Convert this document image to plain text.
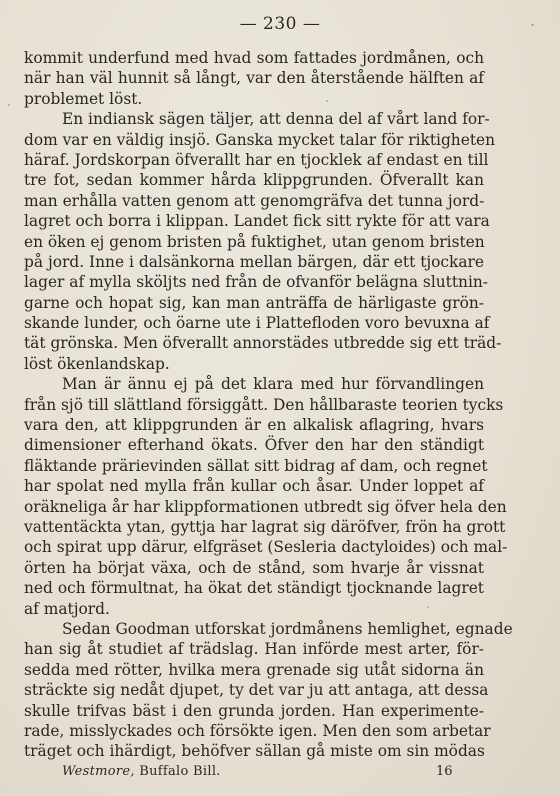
— 230 —
kommit underfund med hvad som fattades jordmånen, och
när han väl hunnit så långt, var den återstående hälften af
problemet löst.
En indiansk sägen täljer, att denna del af vårt land for-
dom var en väldig insjö. Ganska mycket talar för riktigheten
häraf. Jordskorpan öfverallt har en tjocklek af endast en till
tre fot, sedan kommer hårda klippgrunden. Öfverallt kan
man erhålla vatten genom att genomgräfva det tunna jord-
lagret och borra i klippan. Landet fick sitt rykte för att vara
en öken ej genom bristen på fuktighet, utan genom bristen
på jord. Inne i dalsänkorna mellan bärgen, där ett tjockare
lager af mylla sköljts ned från de ofvanför belägna sluttnin-
garne och hopat sig, kan man anträffa de härligaste grön-
skande lunder, och öarne ute i Plattefloden voro bevuxna af
tät grönska. Men öfverallt annorstädes utbredde sig ett träd-
löst ökenlandskap.
Man är ännu ej på det klara med hur förvandlingen
från sjö till slättland försiggått. Den hållbaraste teorien tycks
vara den, att klippgrunden är en alkalisk aflagring, hvars
dimensioner efterhand ökats. Öfver den har den ständigt
fläktande prärievinden sällat sitt bidrag af dam, och regnet
har spolat ned mylla från kullar och åsar. Under loppet af
oräkneliga år har klippformationen utbredt sig öfver hela den
vattentäckta ytan, gyttja har lagrat sig däröfver, frön ha grott
och spirat upp därur, elfgräset (Sesleria dactyloides) och mal-
örten ha börjat växa, och de stånd, som hvarje år vissnat
ned och förmultnat, ha ökat det ständigt tjocknande lagret
af matjord.
Sedan Goodman utforskat jordmånens hemlighet, egnade
han sig åt studiet af trädslag. Han införde mest arter, för-
sedda med rötter, hvilka mera grenade sig utåt sidorna än
sträckte sig nedåt djupet, ty det var ju att antaga, att dessa
skulle trifvas bäst i den grunda jorden. Han experimente-
rade, misslyckades och försökte igen. Men den som arbetar
träget och ihärdigt, behöfver sällan gå miste om sin mödas
Westmore, Buffalo Bill.	16
